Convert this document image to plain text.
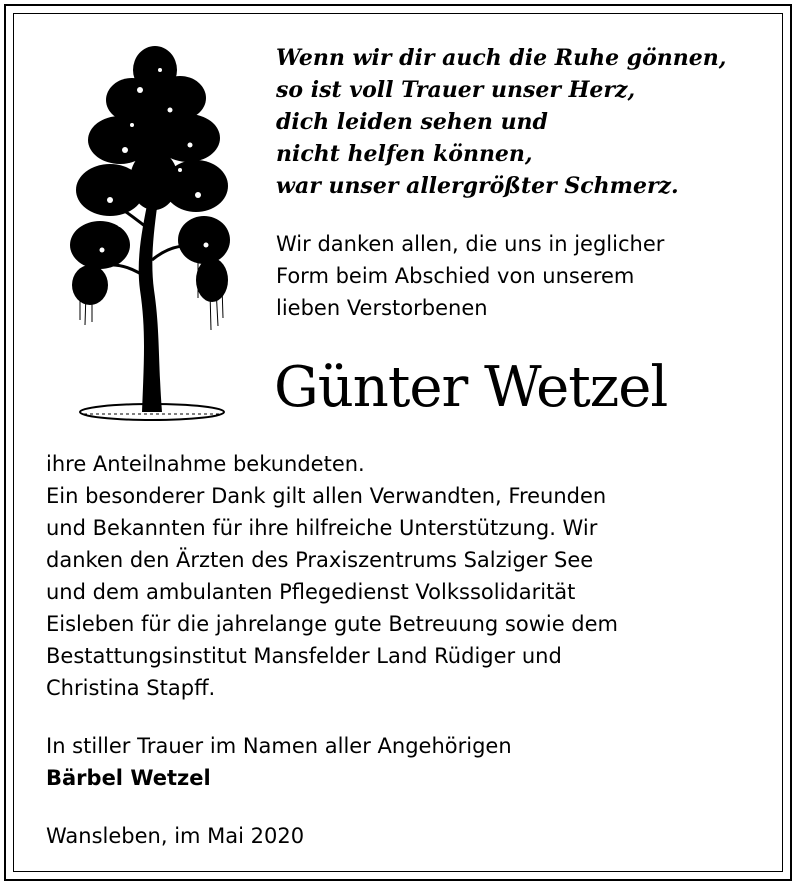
Wenn wir dir auch die Ruhe gönnen,
so ist voll Trauer unser Herz,
dich leiden sehen und
nicht helfen können,
war unser allergrößter Schmerz.
Wir danken allen, die uns in jeglicher
Form beim Abschied von unserem
lieben Verstorbenen
Günter Wetzel
ihre Anteilnahme bekundeten.
Ein besonderer Dank gilt allen Verwandten, Freunden
und Bekannten für ihre hilfreiche Unterstützung. Wir
danken den Ärzten des Praxiszentrums Salziger See
und dem ambulanten Pflegedienst Volkssolidarität
Eisleben für die jahrelange gute Betreuung sowie dem
Bestattungsinstitut Mansfelder Land Rüdiger und
Christina Stapff.
In stiller Trauer im Namen aller Angehörigen
Bärbel Wetzel
Wansleben, im Mai 2020
